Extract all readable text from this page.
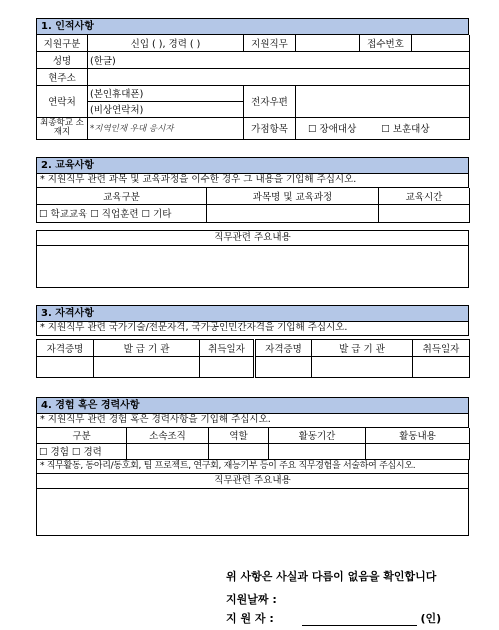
1. 인적사항
지원구분	신입 ( ), 경력 ( )	지원직무		접수번호	
성명	(한글)				
현주소					
연락처	(본인휴대폰)	전자우편			
	(비상연락처)				
최종학교 소재지	*지역인재 우대 응시자	가점항목	☐ 장애대상 ☐ 보훈대상		
2. 교육사항
* 지원직무 관련 과목 및 교육과정을 이수한 경우 그 내용을 기입해 주십시오.
교육구분	과목명 및 교육과정	교육시간
☐ 학교교육 ☐ 직업훈련 ☐ 기타		
직무관련 주요내용
3. 자격사항
* 지원직무 관련 국가기술/전문자격, 국가공인민간자격을 기입해 주십시오.
자격증명	발 급 기 관	취득일자	자격증명	발 급 기 관	취득일자

4. 경험 혹은 경력사항
* 지원직무 관련 경험 혹은 경력사항을 기입해 주십시오.
구분	소속조직	역할	활동기간	활동내용
☐ 경험 ☐ 경력				
* 직무활동, 동아리/동호회, 팀 프로젝트, 연구회, 재능기부 등이 주요 직무경험을 서술하여 주십시오.
직무관련 주요내용
위 사항은 사실과 다름이 없음을 확인합니다
지원날짜 :
지 원 자 :	(인)
